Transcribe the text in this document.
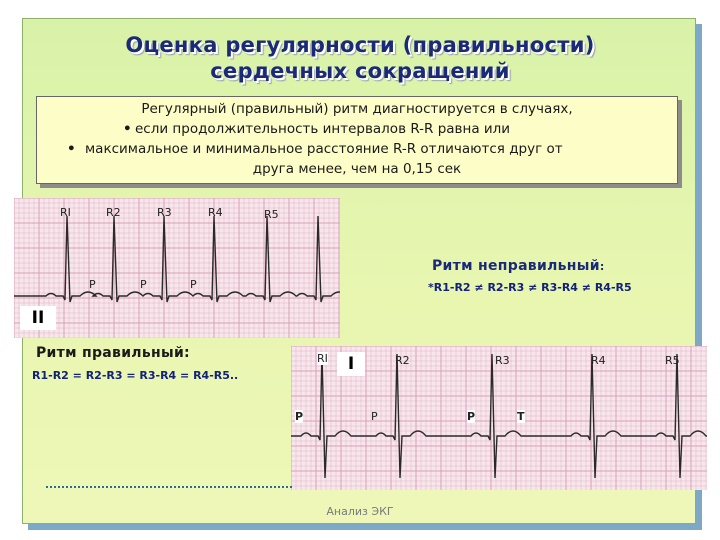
Оценка регулярности (правильности)
сердечных сокращений
Регулярный (правильный) ритм диагностируется в случаях,
• если продолжительность интервалов R-R равна или
• максимальное и минимальное расстояние R-R отличаются друг от
друга менее, чем на 0,15 сек
II
RI	R2	R3	R4	R5
P	P	P
Ритм правильный:
R1-R2 = R2-R3 = R3-R4 = R4-R5..
Ритм неправильный:
*R1-R2 ≠ R2-R3 ≠ R3-R4 ≠ R4-R5
I
RI	R2	R3	R4	R5
P	P	P	T
Анализ ЭКГ
